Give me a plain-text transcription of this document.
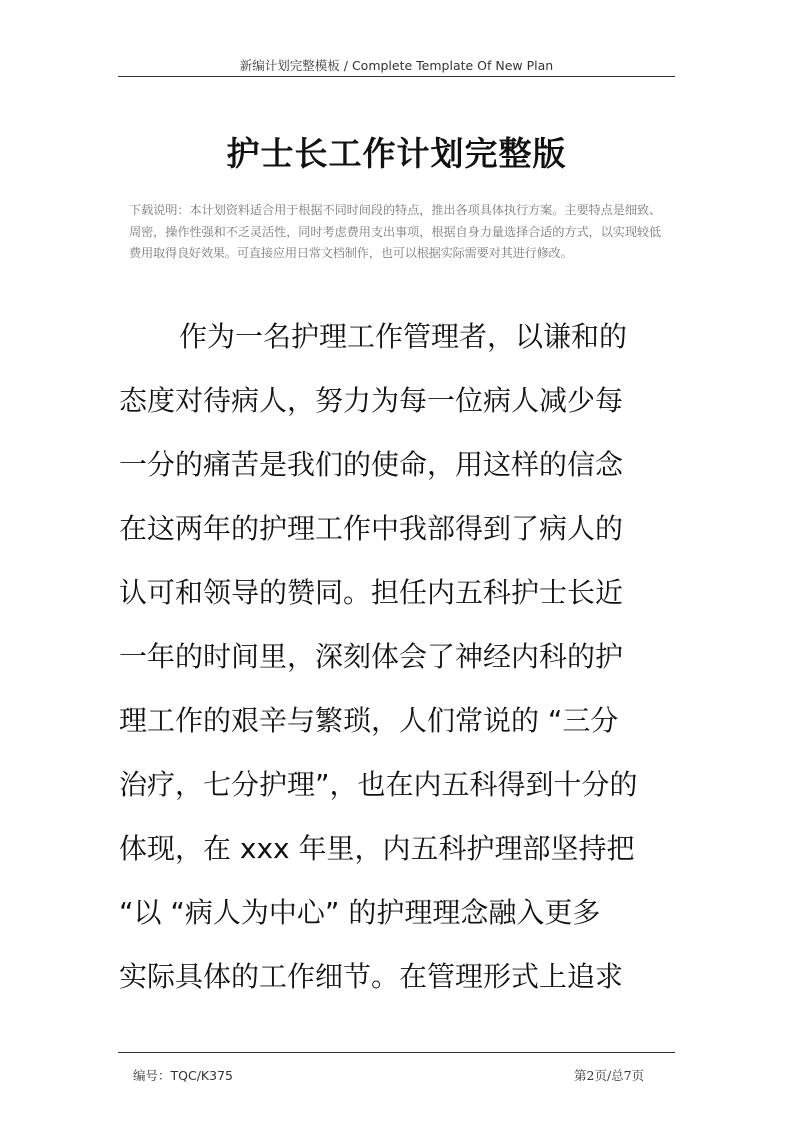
新编计划完整模板 / Complete Template Of New Plan
护士长工作计划完整版
下载说明：本计划资料适合用于根据不同时间段的特点，推出各项具体执行方案。主要特点是细致、周密，操作性强和不乏灵活性，同时考虑费用支出事项，根据自身力量选择合适的方式，以实现较低费用取得良好效果。可直接应用日常文档制作，也可以根据实际需要对其进行修改。
作为一名护理工作管理者，以谦和的
态度对待病人，努力为每一位病人减少每
一分的痛苦是我们的使命，用这样的信念
在这两年的护理工作中我部得到了病人的
认可和领导的赞同。担任内五科护士长近
一年的时间里，深刻体会了神经内科的护
理工作的艰辛与繁琐，人们常说的 “三分
治疗，七分护理”，也在内五科得到十分的
体现，在 xxx 年里，内五科护理部坚持把
“以 “病人为中心” 的护理理念融入更多
实际具体的工作细节。在管理形式上追求
编号：TQC/K375	第2页/总7页
